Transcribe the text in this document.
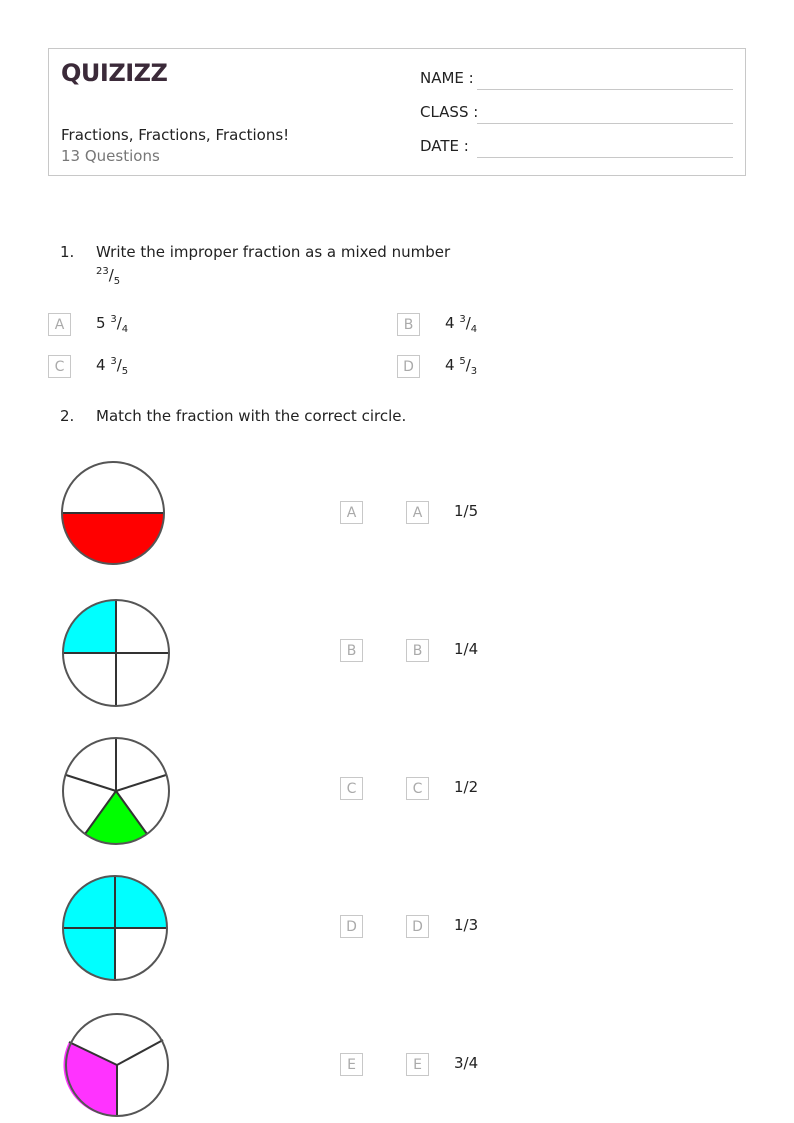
QUIZIZZ
Fractions, Fractions, Fractions!
13 Questions
NAME :
CLASS :
DATE :
1. Write the improper fraction as a mixed number
$^{23}/_5$
A	5 $^3/_4$	B	4 $^3/_4$
C	4 $^3/_5$	D	4 $^5/_3$
2. Match the fraction with the correct circle.
A	A	1/5
B	B	1/4
C	C	1/2
D	D	1/3
E	E	3/4
